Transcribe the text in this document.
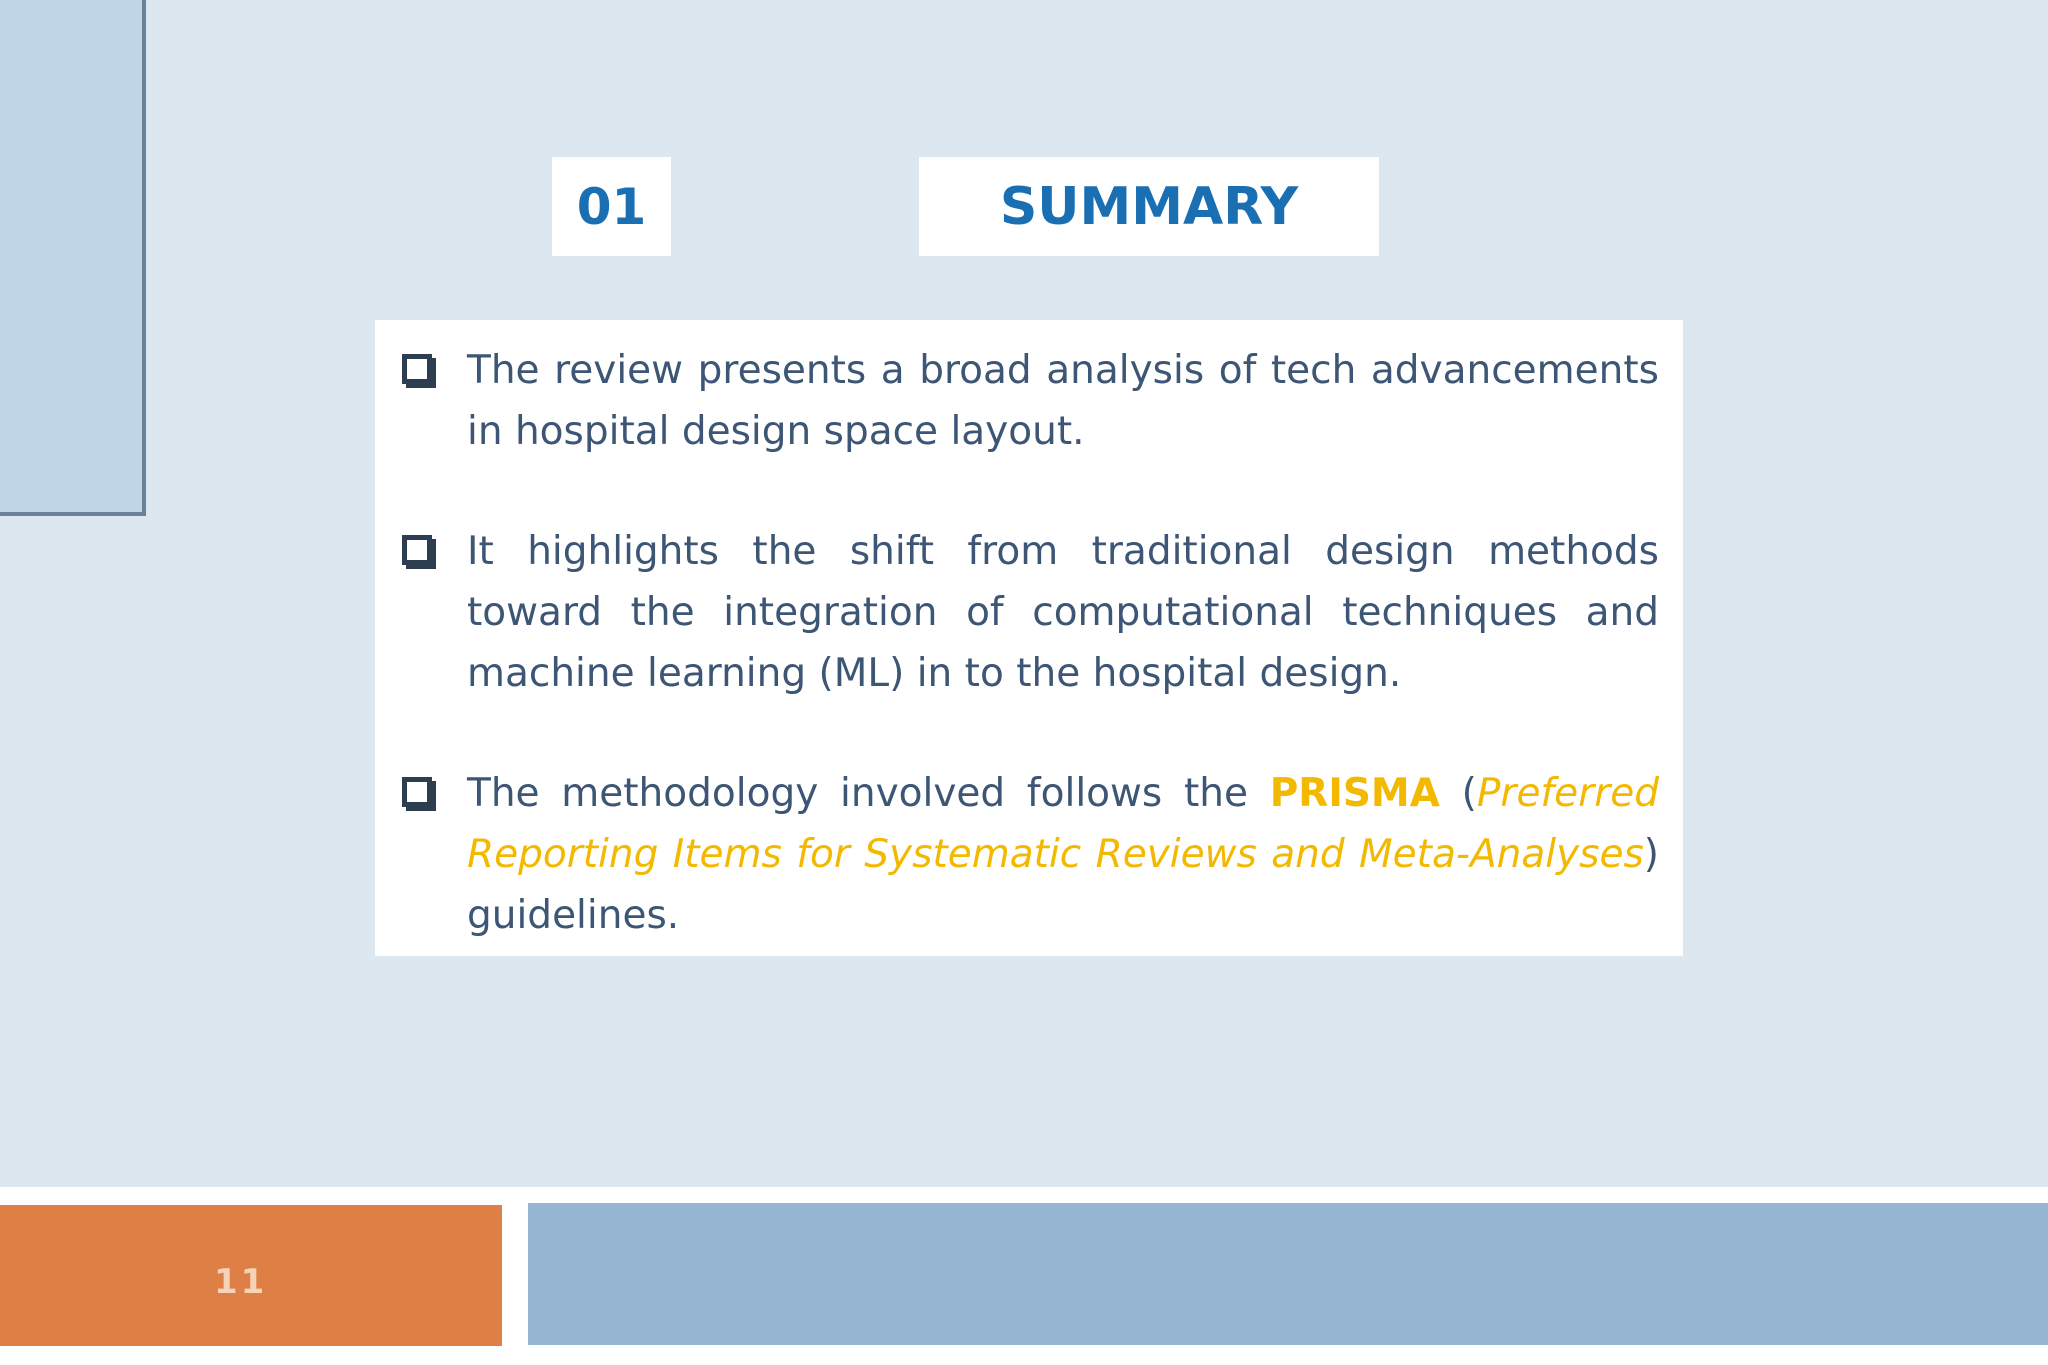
01	SUMMARY
The review presents a broad analysis of tech advancements in hospital design space layout.
It highlights the shift from traditional design methods toward the integration of computational techniques and machine learning (ML) in to the hospital design.
The methodology involved follows the PRISMA (Preferred Reporting Items for Systematic Reviews and Meta-Analyses) guidelines.
11
